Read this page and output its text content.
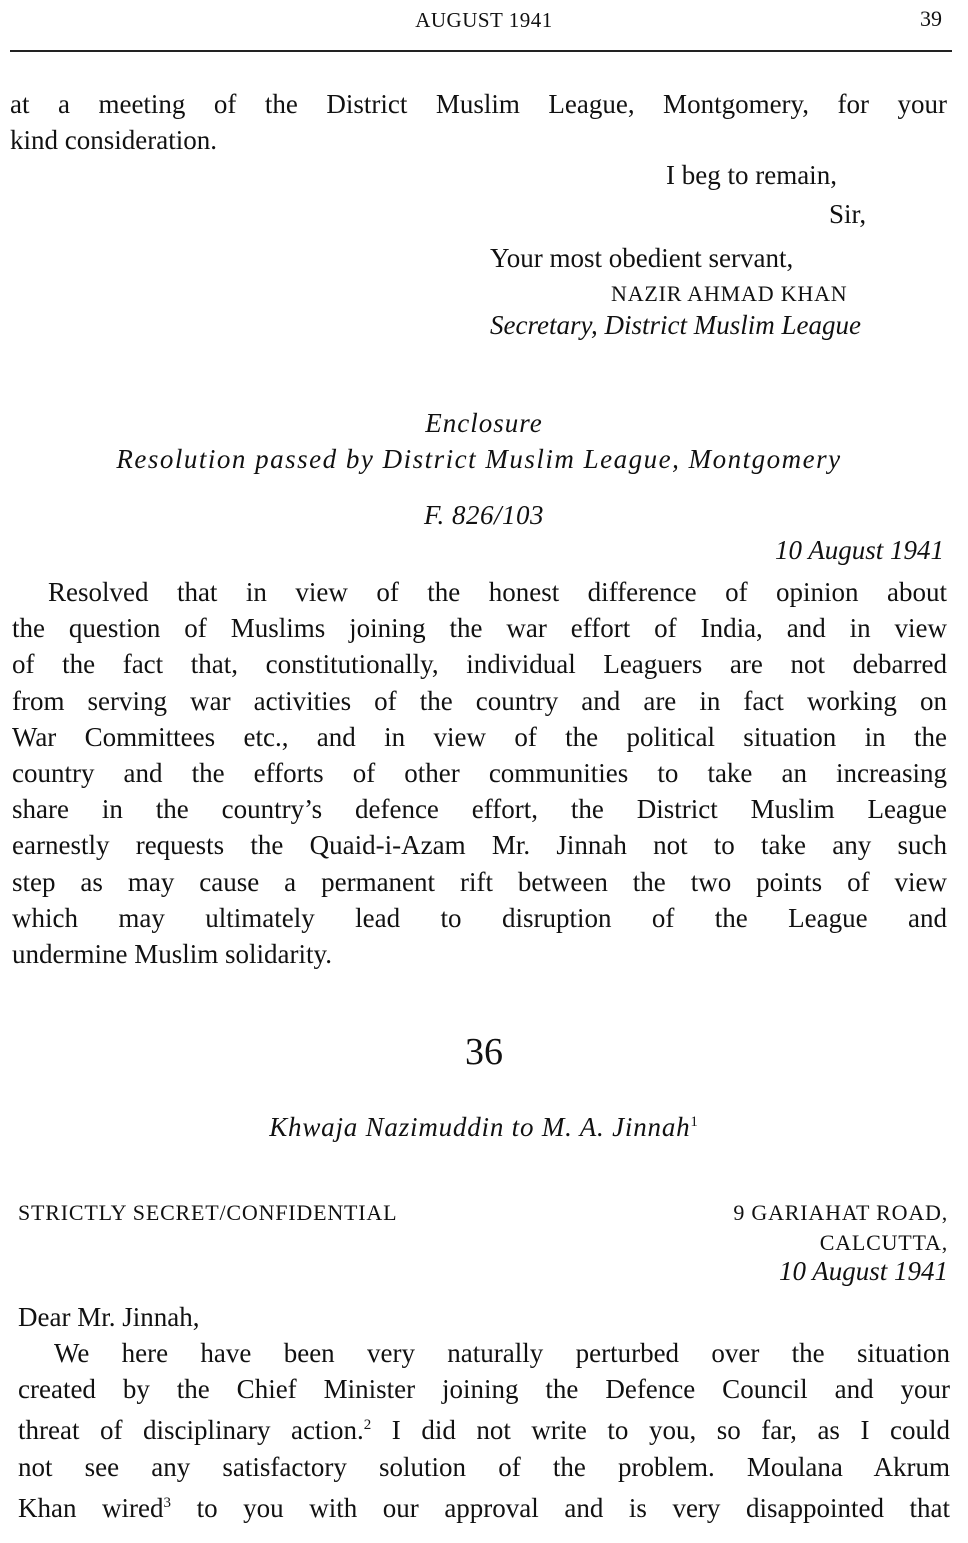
AUGUST 1941	39
at a meeting of the District Muslim League, Montgomery, for your
kind consideration.
I beg to remain,
Sir,
Your most obedient servant,
NAZIR AHMAD KHAN
Secretary, District Muslim League
Enclosure
Resolution passed by District Muslim League, Montgomery
F. 826/103
10 August 1941
Resolved that in view of the honest difference of opinion about
the question of Muslims joining the war effort of India, and in view
of the fact that, constitutionally, individual Leaguers are not debarred
from serving war activities of the country and are in fact working on
War Committees etc., and in view of the political situation in the
country and the efforts of other communities to take an increasing
share in the country’s defence effort, the District Muslim League
earnestly requests the Quaid-i-Azam Mr. Jinnah not to take any such
step as may cause a permanent rift between the two points of view
which may ultimately lead to disruption of the League and
undermine Muslim solidarity.
36
Khwaja Nazimuddin to M. A. Jinnah$^1$
STRICTLY SECRET/CONFIDENTIAL	9 GARIAHAT ROAD,
CALCUTTA,
10 August 1941
Dear Mr. Jinnah,
We here have been very naturally perturbed over the situation
created by the Chief Minister joining the Defence Council and your
threat of disciplinary action.$^2$ I did not write to you, so far, as I could
not see any satisfactory solution of the problem. Moulana Akrum
Khan wired$^3$ to you with our approval and is very disappointed that
